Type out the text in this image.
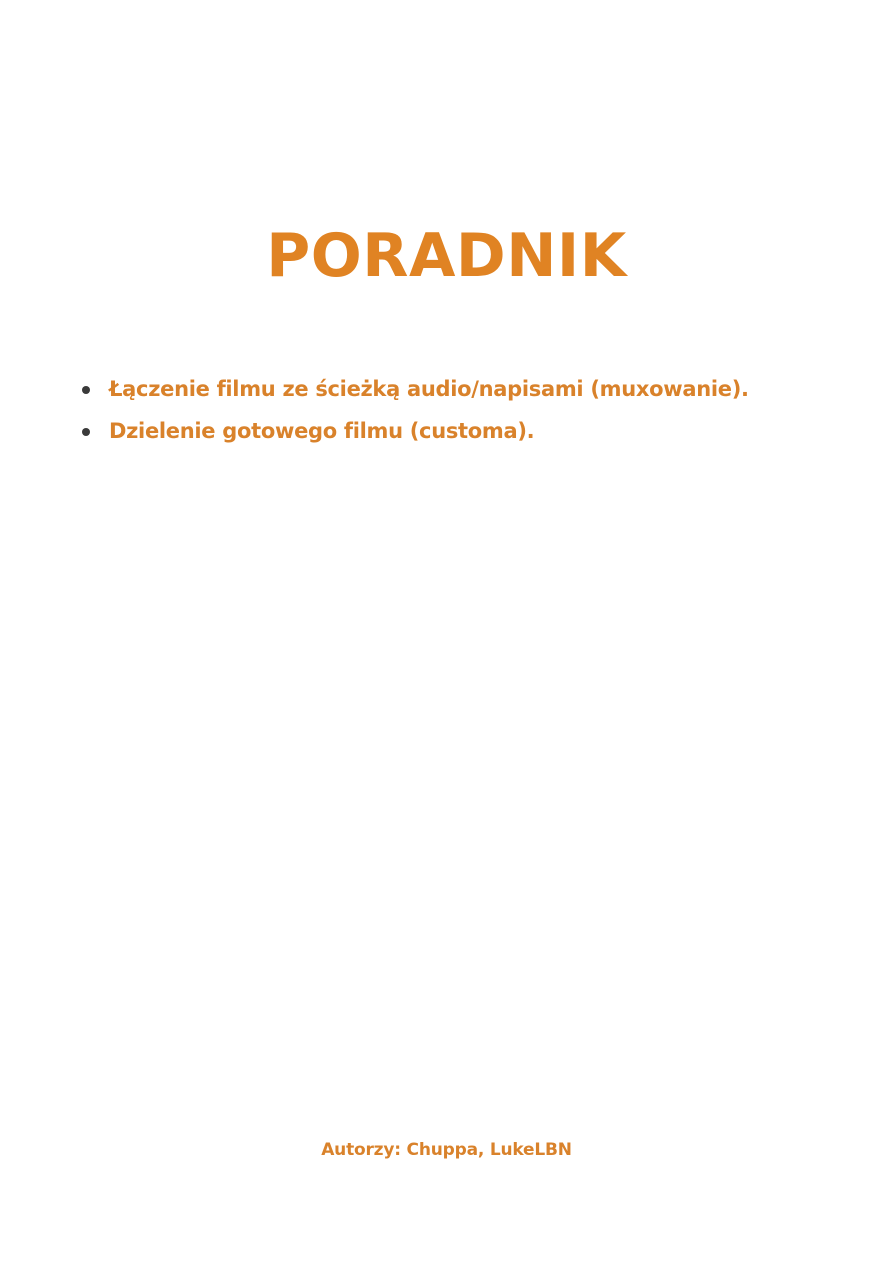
PORADNIK
Łączenie filmu ze ścieżką audio/napisami (muxowanie).
Dzielenie gotowego filmu (customa).
Autorzy: Chuppa, LukeLBN
